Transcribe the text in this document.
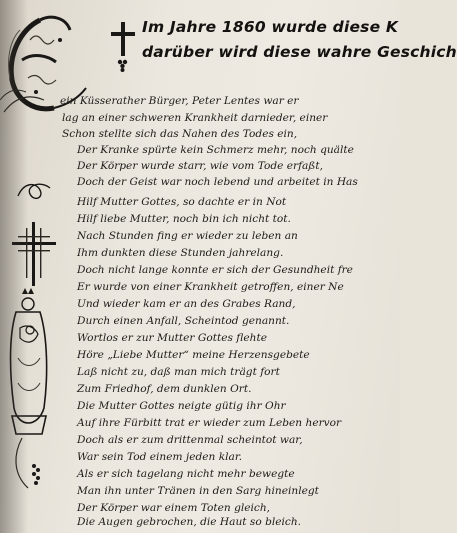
Im Jahre 1860 wurde diese K
darüber wird diese wahre Geschich
ein Küsserather Bürger, Peter Lentes war er
lag an einer schweren Krankheit darnieder, einer
Schon stellte sich das Nahen des Todes ein,
Der Kranke spürte kein Schmerz mehr, noch quälte
Der Körper wurde starr, wie vom Tode erfaßt,
Doch der Geist war noch lebend und arbeitet in Has
Hilf Mutter Gottes, so dachte er in Not
Hilf liebe Mutter, noch bin ich nicht tot.
Nach Stunden fing er wieder zu leben an
Ihm dunkten diese Stunden jahrelang.
Doch nicht lange konnte er sich der Gesundheit fre
Er wurde von einer Krankheit getroffen, einer Ne
Und wieder kam er an des Grabes Rand,
Durch einen Anfall, Scheintod genannt.
Wortlos er zur Mutter Gottes flehte
Höre „Liebe Mutter“ meine Herzensgebete
Laß nicht zu, daß man mich trägt fort
Zum Friedhof, dem dunklen Ort.
Die Mutter Gottes neigte gütig ihr Ohr
Auf ihre Fürbitt trat er wieder zum Leben hervor
Doch als er zum drittenmal scheintot war,
War sein Tod einem jeden klar.
Als er sich tagelang nicht mehr bewegte
Man ihn unter Tränen in den Sarg hineinlegt
Der Körper war einem Toten gleich,
Die Augen gebrochen, die Haut so bleich.
